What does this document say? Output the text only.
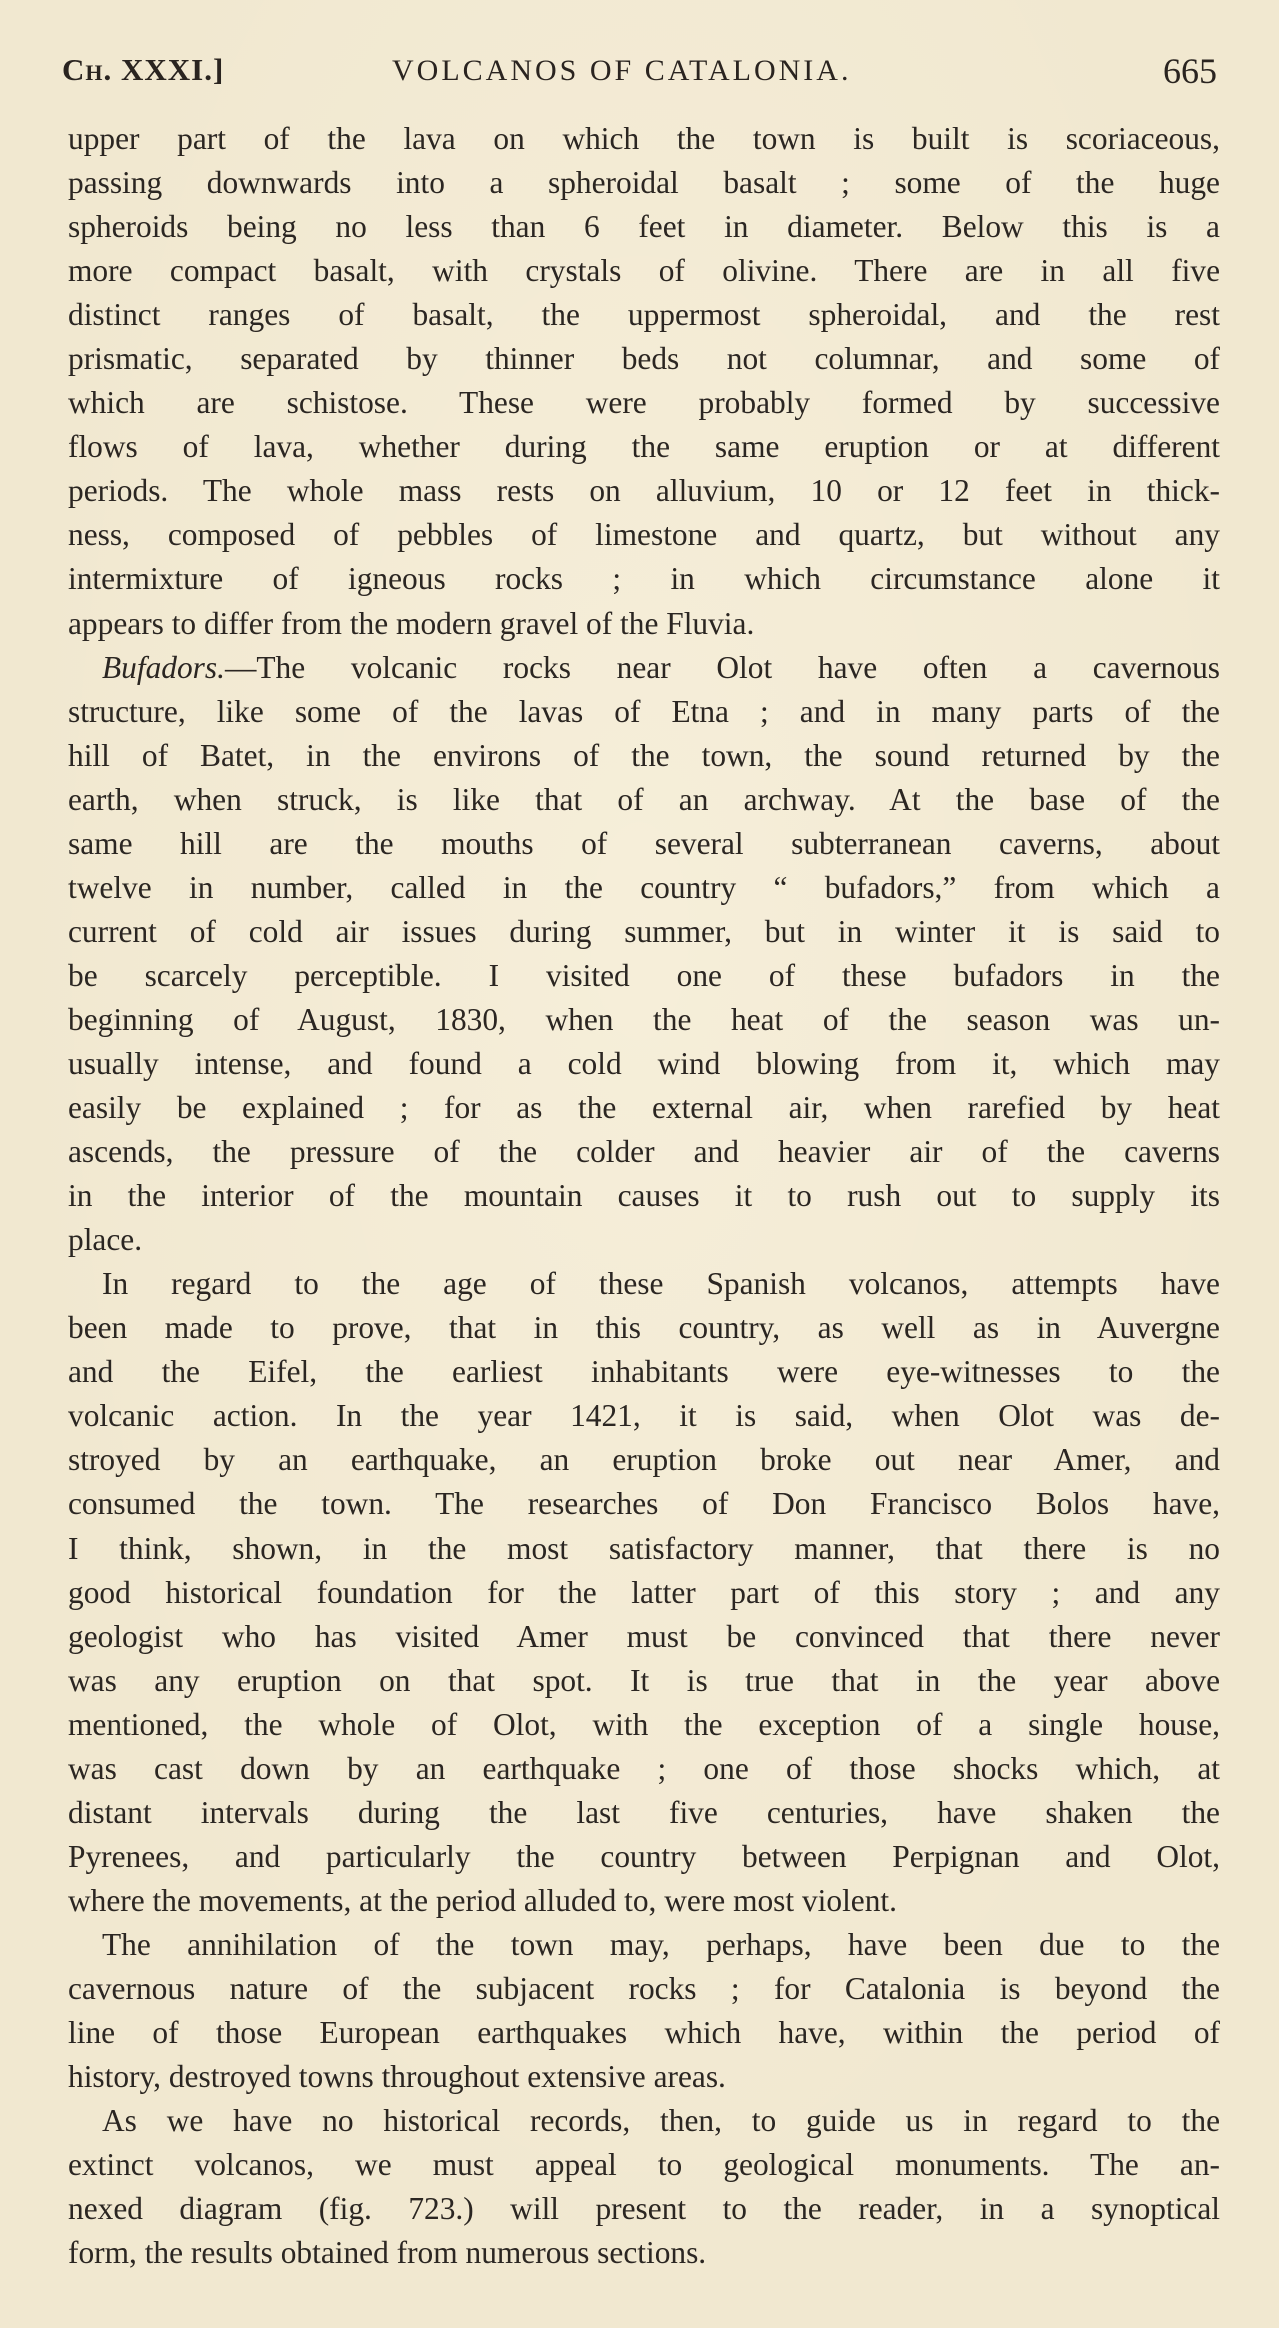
Ch. XXXI.]	VOLCANOS OF CATALONIA.	665
upper part of the lava on which the town is built is scoriaceous,
passing downwards into a spheroidal basalt ; some of the huge
spheroids being no less than 6 feet in diameter. Below this is a
more compact basalt, with crystals of olivine. There are in all five
distinct ranges of basalt, the uppermost spheroidal, and the rest
prismatic, separated by thinner beds not columnar, and some of
which are schistose. These were probably formed by successive
flows of lava, whether during the same eruption or at different
periods. The whole mass rests on alluvium, 10 or 12 feet in thick-
ness, composed of pebbles of limestone and quartz, but without any
intermixture of igneous rocks ; in which circumstance alone it
appears to differ from the modern gravel of the Fluvia.
Bufadors.—The volcanic rocks near Olot have often a cavernous
structure, like some of the lavas of Etna ; and in many parts of the
hill of Batet, in the environs of the town, the sound returned by the
earth, when struck, is like that of an archway. At the base of the
same hill are the mouths of several subterranean caverns, about
twelve in number, called in the country “ bufadors,” from which a
current of cold air issues during summer, but in winter it is said to
be scarcely perceptible. I visited one of these bufadors in the
beginning of August, 1830, when the heat of the season was un-
usually intense, and found a cold wind blowing from it, which may
easily be explained ; for as the external air, when rarefied by heat
ascends, the pressure of the colder and heavier air of the caverns
in the interior of the mountain causes it to rush out to supply its
place.
In regard to the age of these Spanish volcanos, attempts have
been made to prove, that in this country, as well as in Auvergne
and the Eifel, the earliest inhabitants were eye-witnesses to the
volcanic action. In the year 1421, it is said, when Olot was de-
stroyed by an earthquake, an eruption broke out near Amer, and
consumed the town. The researches of Don Francisco Bolos have,
I think, shown, in the most satisfactory manner, that there is no
good historical foundation for the latter part of this story ; and any
geologist who has visited Amer must be convinced that there never
was any eruption on that spot. It is true that in the year above
mentioned, the whole of Olot, with the exception of a single house,
was cast down by an earthquake ; one of those shocks which, at
distant intervals during the last five centuries, have shaken the
Pyrenees, and particularly the country between Perpignan and Olot,
where the movements, at the period alluded to, were most violent.
The annihilation of the town may, perhaps, have been due to the
cavernous nature of the subjacent rocks ; for Catalonia is beyond the
line of those European earthquakes which have, within the period of
history, destroyed towns throughout extensive areas.
As we have no historical records, then, to guide us in regard to the
extinct volcanos, we must appeal to geological monuments. The an-
nexed diagram (fig. 723.) will present to the reader, in a synoptical
form, the results obtained from numerous sections.
